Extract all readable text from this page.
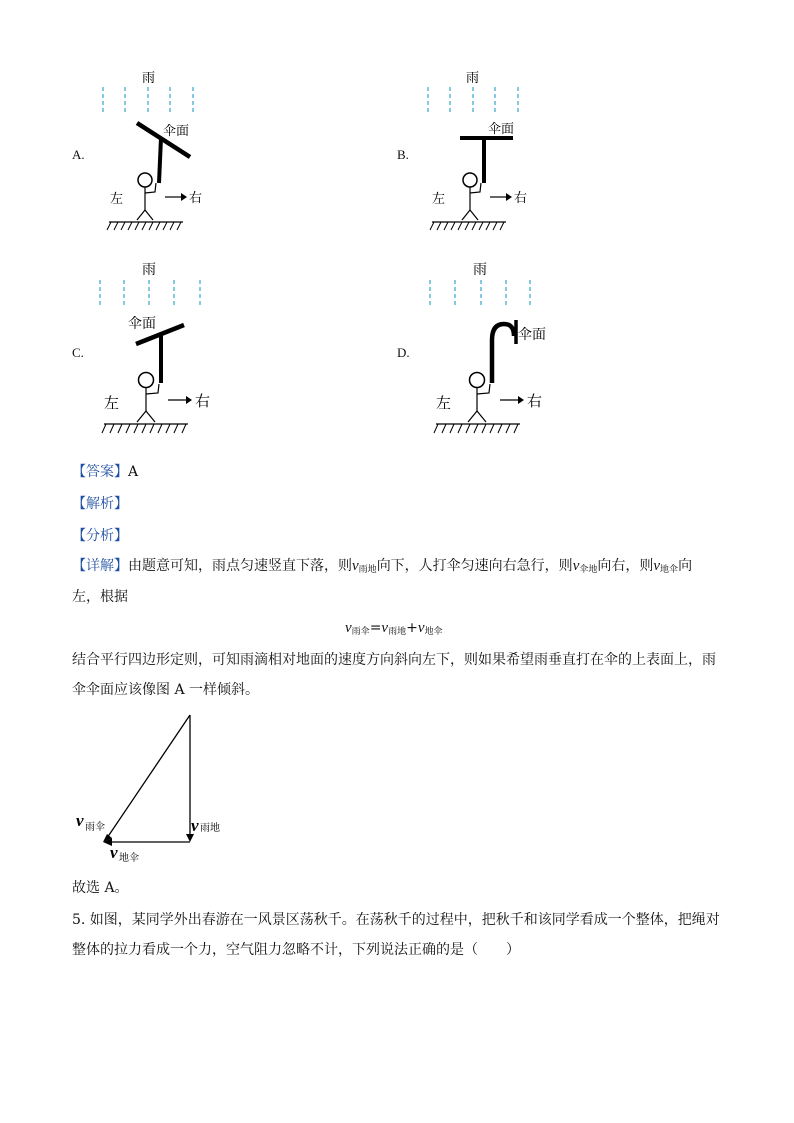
雨
伞面
右
左
A.
雨
伞面
右
左
B.
雨
伞面
右
左
C.
雨
伞面
右
左
D.
【答案】A
【解析】
【分析】
【详解】由题意可知，雨点匀速竖直下落，则$v_{雨地}$向下，人打伞匀速向右急行，则$v_{伞地}$向右，则$v_{地伞}$向
左，根据
$v_{雨伞}=v_{雨地}+v_{地伞}$
结合平行四边形定则，可知雨滴相对地面的速度方向斜向左下，则如果希望雨垂直打在伞的上表面上，雨
伞伞面应该像图 A 一样倾斜。
v 雨伞	v 雨地
v 地伞
故选 A。
5. 如图，某同学外出春游在一风景区荡秋千。在荡秋千的过程中，把秋千和该同学看成一个整体，把绳对
整体的拉力看成一个力，空气阻力忽略不计，下列说法正确的是（　　）
